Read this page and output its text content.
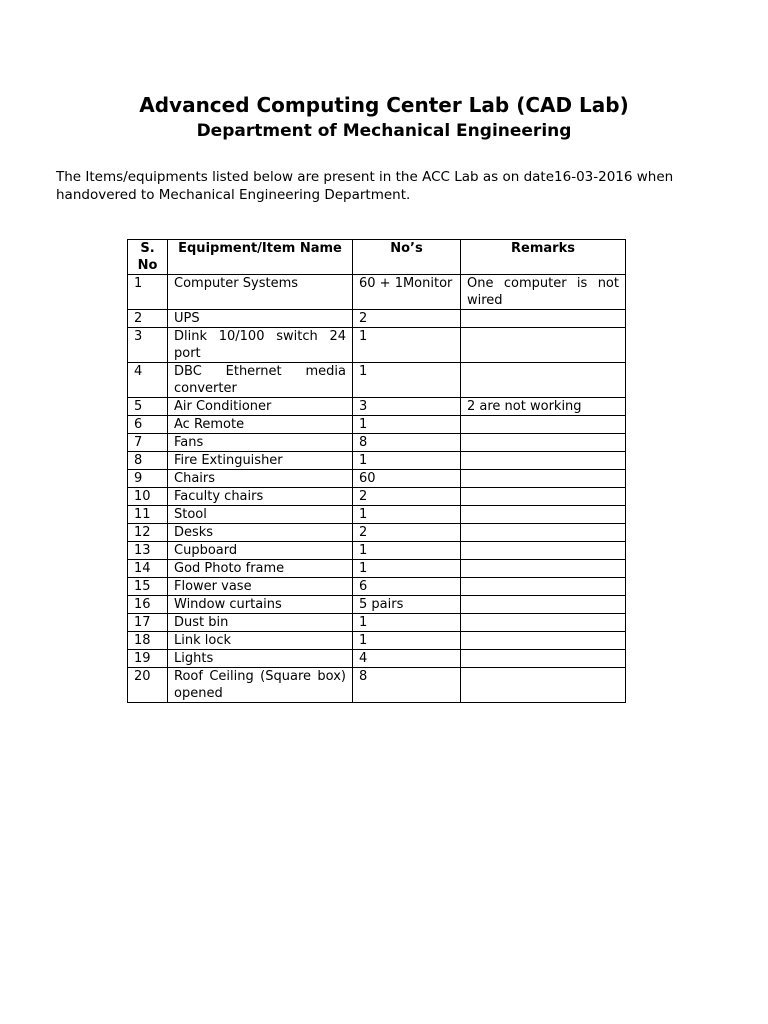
Advanced Computing Center Lab (CAD Lab)
Department of Mechanical Engineering
The Items/equipments listed below are present in the ACC Lab as on date16-03-2016 when handovered to Mechanical Engineering Department.
S. No	Equipment/Item Name	No’s	Remarks
1	Computer Systems	60 + 1Monitor	One computer is not wired
2	UPS	2	
3	Dlink 10/100 switch 24 port	1	
4	DBC Ethernet media converter	1	
5	Air Conditioner	3	2 are not working
6	Ac Remote	1	
7	Fans	8	
8	Fire Extinguisher	1	
9	Chairs	60	
10	Faculty chairs	2	
11	Stool	1	
12	Desks	2	
13	Cupboard	1	
14	God Photo frame	1	
15	Flower vase	6	
16	Window curtains	5 pairs	
17	Dust bin	1	
18	Link lock	1	
19	Lights	4	
20	Roof Ceiling (Square box) opened	8	
